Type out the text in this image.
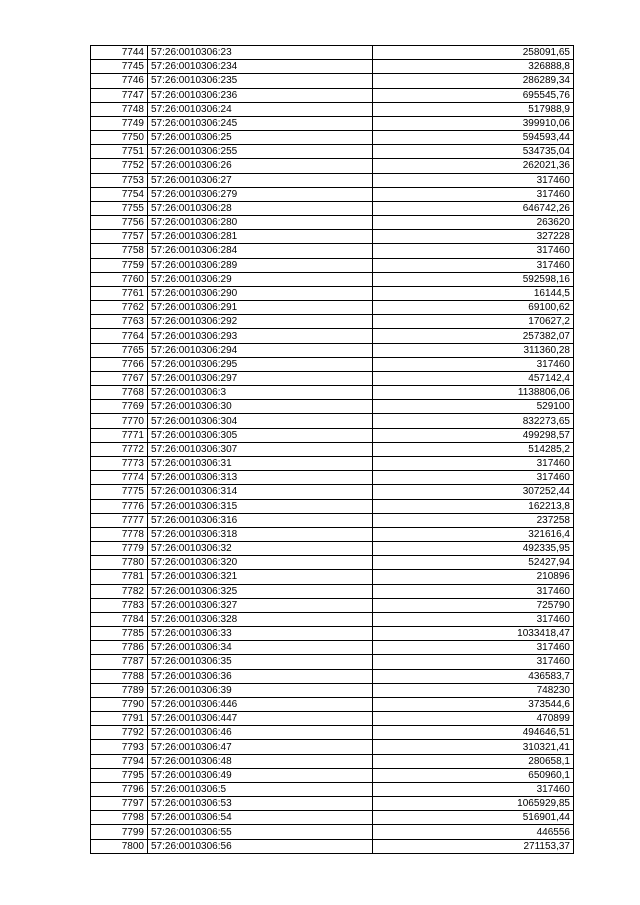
7744	57:26:0010306:23	258091,65
7745	57:26:0010306:234	326888,8
7746	57:26:0010306:235	286289,34
7747	57:26:0010306:236	695545,76
7748	57:26:0010306:24	517988,9
7749	57:26:0010306:245	399910,06
7750	57:26:0010306:25	594593,44
7751	57:26:0010306:255	534735,04
7752	57:26:0010306:26	262021,36
7753	57:26:0010306:27	317460
7754	57:26:0010306:279	317460
7755	57:26:0010306:28	646742,26
7756	57:26:0010306:280	263620
7757	57:26:0010306:281	327228
7758	57:26:0010306:284	317460
7759	57:26:0010306:289	317460
7760	57:26:0010306:29	592598,16
7761	57:26:0010306:290	16144,5
7762	57:26:0010306:291	69100,62
7763	57:26:0010306:292	170627,2
7764	57:26:0010306:293	257382,07
7765	57:26:0010306:294	311360,28
7766	57:26:0010306:295	317460
7767	57:26:0010306:297	457142,4
7768	57:26:0010306:3	1138806,06
7769	57:26:0010306:30	529100
7770	57:26:0010306:304	832273,65
7771	57:26:0010306:305	499298,57
7772	57:26:0010306:307	514285,2
7773	57:26:0010306:31	317460
7774	57:26:0010306:313	317460
7775	57:26:0010306:314	307252,44
7776	57:26:0010306:315	162213,8
7777	57:26:0010306:316	237258
7778	57:26:0010306:318	321616,4
7779	57:26:0010306:32	492335,95
7780	57:26:0010306:320	52427,94
7781	57:26:0010306:321	210896
7782	57:26:0010306:325	317460
7783	57:26:0010306:327	725790
7784	57:26:0010306:328	317460
7785	57:26:0010306:33	1033418,47
7786	57:26:0010306:34	317460
7787	57:26:0010306:35	317460
7788	57:26:0010306:36	436583,7
7789	57:26:0010306:39	748230
7790	57:26:0010306:446	373544,6
7791	57:26:0010306:447	470899
7792	57:26:0010306:46	494646,51
7793	57:26:0010306:47	310321,41
7794	57:26:0010306:48	280658,1
7795	57:26:0010306:49	650960,1
7796	57:26:0010306:5	317460
7797	57:26:0010306:53	1065929,85
7798	57:26:0010306:54	516901,44
7799	57:26:0010306:55	446556
7800	57:26:0010306:56	271153,37
